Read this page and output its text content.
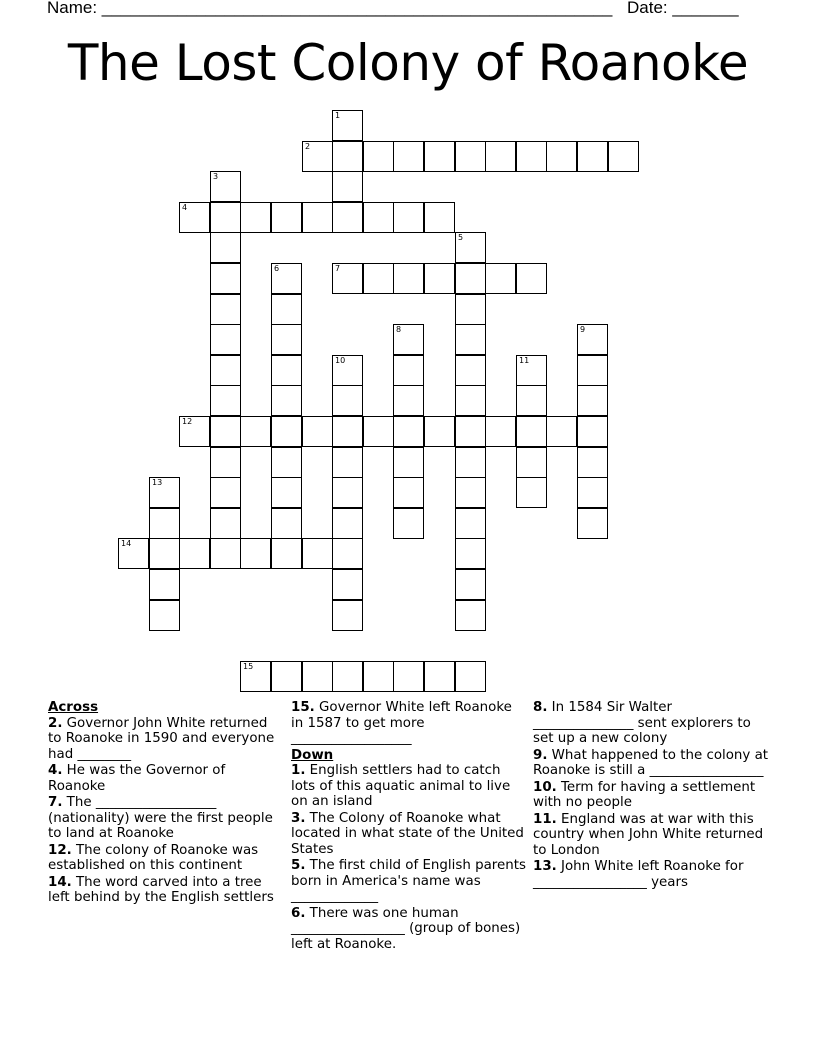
Name: ______________________________________________________ Date: _______
The Lost Colony of Roanoke
1
2
3
4
5
6	7
8	9
10	11
12
13
14
15
Across
2. Governor John White returned to Roanoke in 1590 and everyone had ________
4. He was the Governor of Roanoke
7. The __________________ (nationality) were the first people to land at Roanoke
12. The colony of Roanoke was established on this continent
14. The word carved into a tree left behind by the English settlers
15. Governor White left Roanoke in 1587 to get more __________________
Down
1. English settlers had to catch lots of this aquatic animal to live on an island
3. The Colony of Roanoke what located in what state of the United States
5. The first child of English parents born in America's name was _____________
6. There was one human _________________ (group of bones) left at Roanoke.
8. In 1584 Sir Walter _______________ sent explorers to set up a new colony
9. What happened to the colony at Roanoke is still a _________________
10. Term for having a settlement with no people
11. England was at war with this country when John White returned to London
13. John White left Roanoke for _________________ years
